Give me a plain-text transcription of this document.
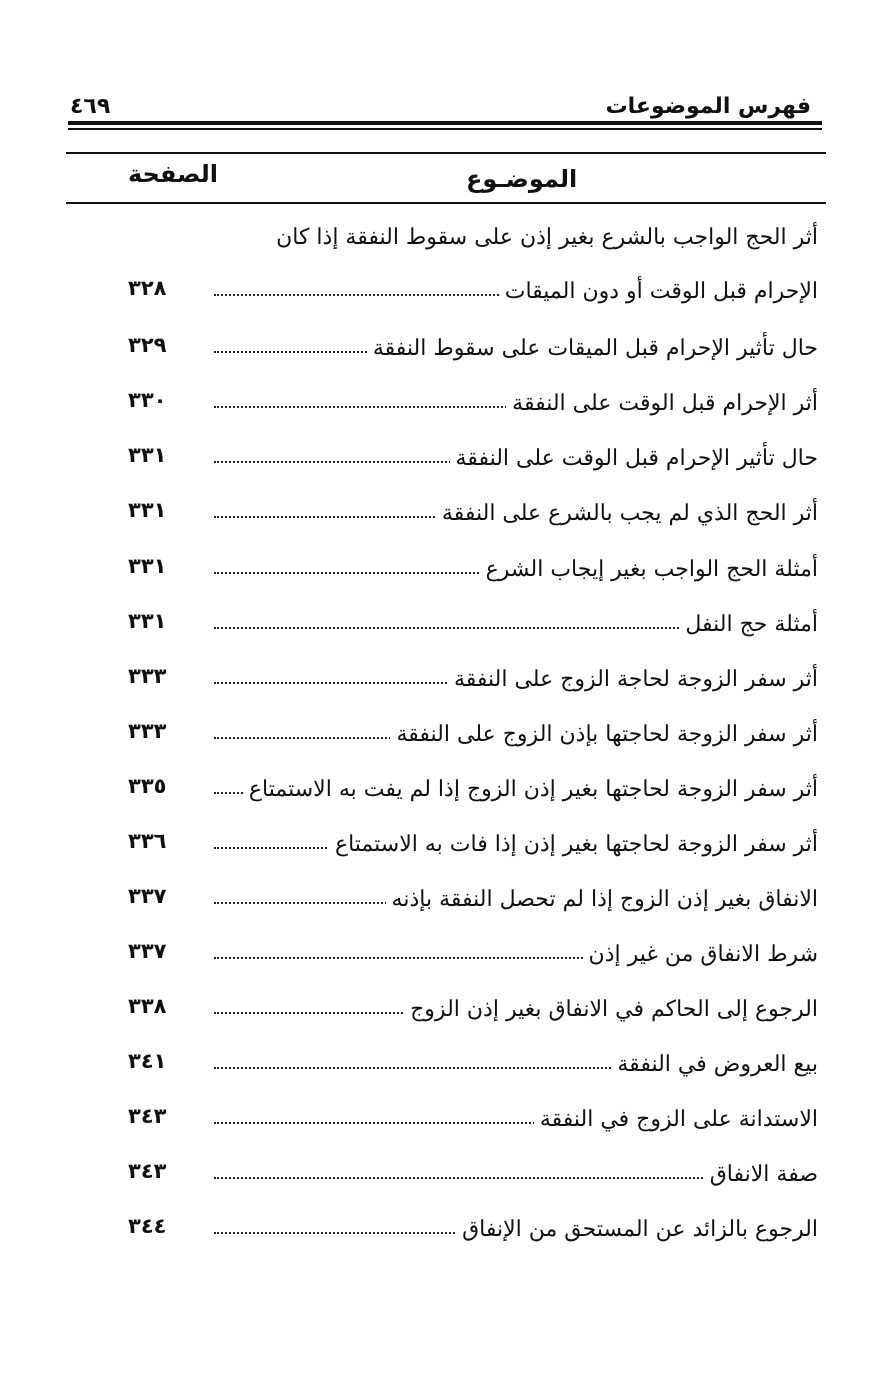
فهرس الموضوعات
٤٦٩
الموضـوع
الصفحة
أثر الحج الواجب بالشرع بغير إذن على سقوط النفقة إذا كان
الإحرام قبل الوقت أو دون الميقات
٣٢٨
حال تأثير الإحرام قبل الميقات على سقوط النفقة
٣٢٩
أثر الإحرام قبل الوقت على النفقة
٣٣٠
حال تأثير الإحرام قبل الوقت على النفقة
٣٣١
أثر الحج الذي لم يجب بالشرع على النفقة
٣٣١
أمثلة الحج الواجب بغير إيجاب الشرع
٣٣١
أمثلة حج النفل
٣٣١
أثر سفر الزوجة لحاجة الزوج على النفقة
٣٣٣
أثر سفر الزوجة لحاجتها بإذن الزوج على النفقة
٣٣٣
أثر سفر الزوجة لحاجتها بغير إذن الزوج إذا لم يفت به الاستمتاع
٣٣٥
أثر سفر الزوجة لحاجتها بغير إذن إذا فات به الاستمتاع
٣٣٦
الانفاق بغير إذن الزوج إذا لم تحصل النفقة بإذنه
٣٣٧
شرط الانفاق من غير إذن
٣٣٧
الرجوع إلى الحاكم في الانفاق بغير إذن الزوج
٣٣٨
بيع العروض في النفقة
٣٤١
الاستدانة على الزوج في النفقة
٣٤٣
صفة الانفاق
٣٤٣
الرجوع بالزائد عن المستحق من الإنفاق
٣٤٤
